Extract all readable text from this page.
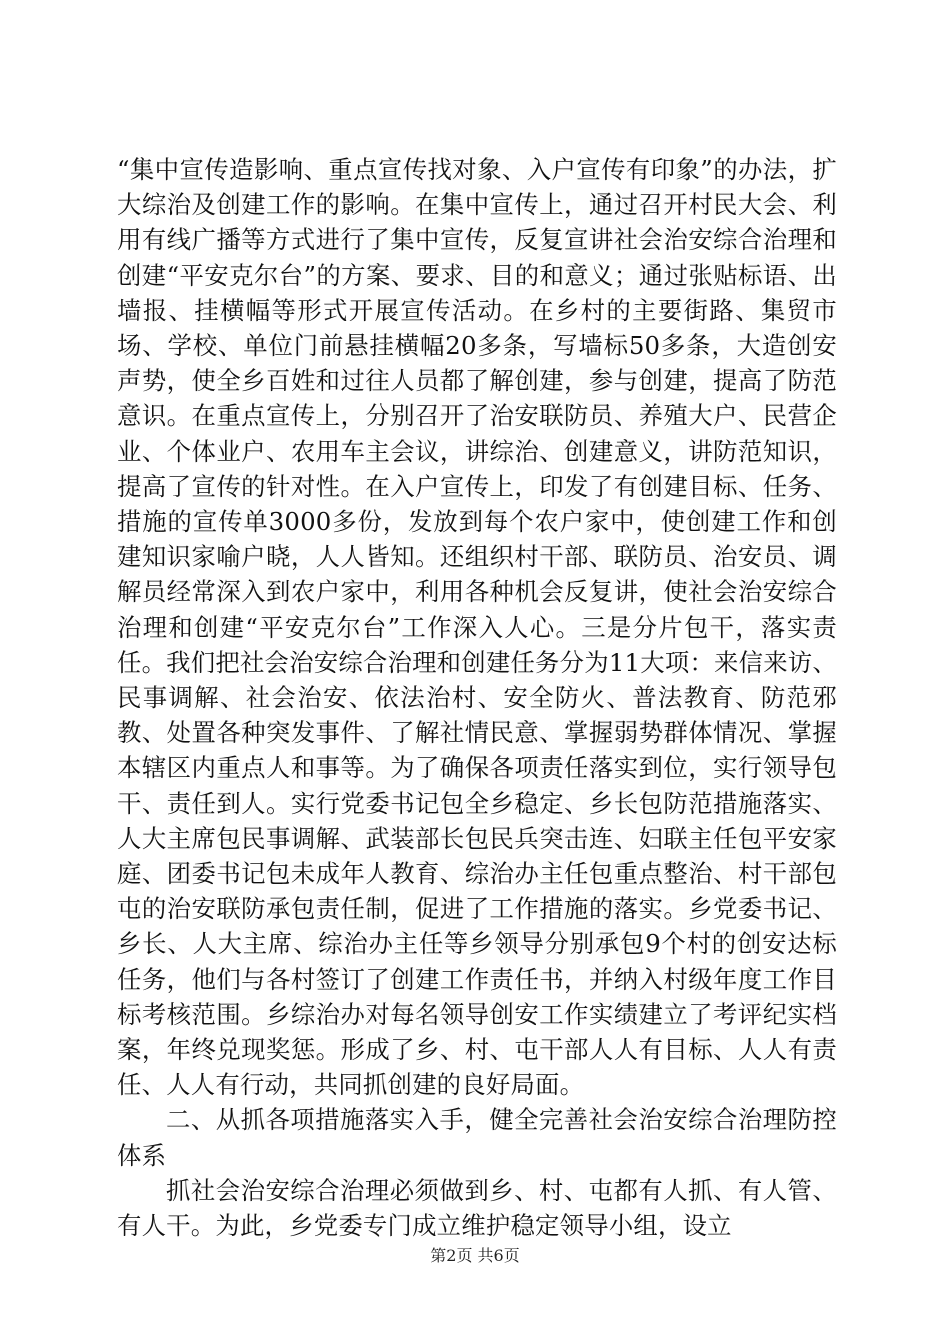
“集中宣传造影响、重点宣传找对象、入户宣传有印象”的办法，扩大综治及创建工作的影响。在集中宣传上，通过召开村民大会、利用有线广播等方式进行了集中宣传，反复宣讲社会治安综合治理和创建“平安克尔台”的方案、要求、目的和意义；通过张贴标语、出墙报、挂横幅等形式开展宣传活动。在乡村的主要街路、集贸市场、学校、单位门前悬挂横幅20多条，写墙标50多条，大造创安声势，使全乡百姓和过往人员都了解创建，参与创建，提高了防范意识。在重点宣传上，分别召开了治安联防员、养殖大户、民营企业、个体业户、农用车主会议，讲综治、创建意义，讲防范知识，提高了宣传的针对性。在入户宣传上，印发了有创建目标、任务、措施的宣传单3000多份，发放到每个农户家中，使创建工作和创建知识家喻户晓，人人皆知。还组织村干部、联防员、治安员、调解员经常深入到农户家中，利用各种机会反复讲，使社会治安综合治理和创建“平安克尔台”工作深入人心。三是分片包干，落实责任。我们把社会治安综合治理和创建任务分为11大项：来信来访、民事调解、社会治安、依法治村、安全防火、普法教育、防范邪教、处置各种突发事件、了解社情民意、掌握弱势群体情况、掌握本辖区内重点人和事等。为了确保各项责任落实到位，实行领导包干、责任到人。实行党委书记包全乡稳定、乡长包防范措施落实、人大主席包民事调解、武装部长包民兵突击连、妇联主任包平安家庭、团委书记包未成年人教育、综治办主任包重点整治、村干部包屯的治安联防承包责任制，促进了工作措施的落实。乡党委书记、乡长、人大主席、综治办主任等乡领导分别承包9个村的创安达标任务，他们与各村签订了创建工作责任书，并纳入村级年度工作目标考核范围。乡综治办对每名领导创安工作实绩建立了考评纪实档案，年终兑现奖惩。形成了乡、村、屯干部人人有目标、人人有责任、人人有行动，共同抓创建的良好局面。

二、从抓各项措施落实入手，健全完善社会治安综合治理防控体系

抓社会治安综合治理必须做到乡、村、屯都有人抓、有人管、有人干。为此，乡党委专门成立维护稳定领导小组，设立

第2页 共6页
